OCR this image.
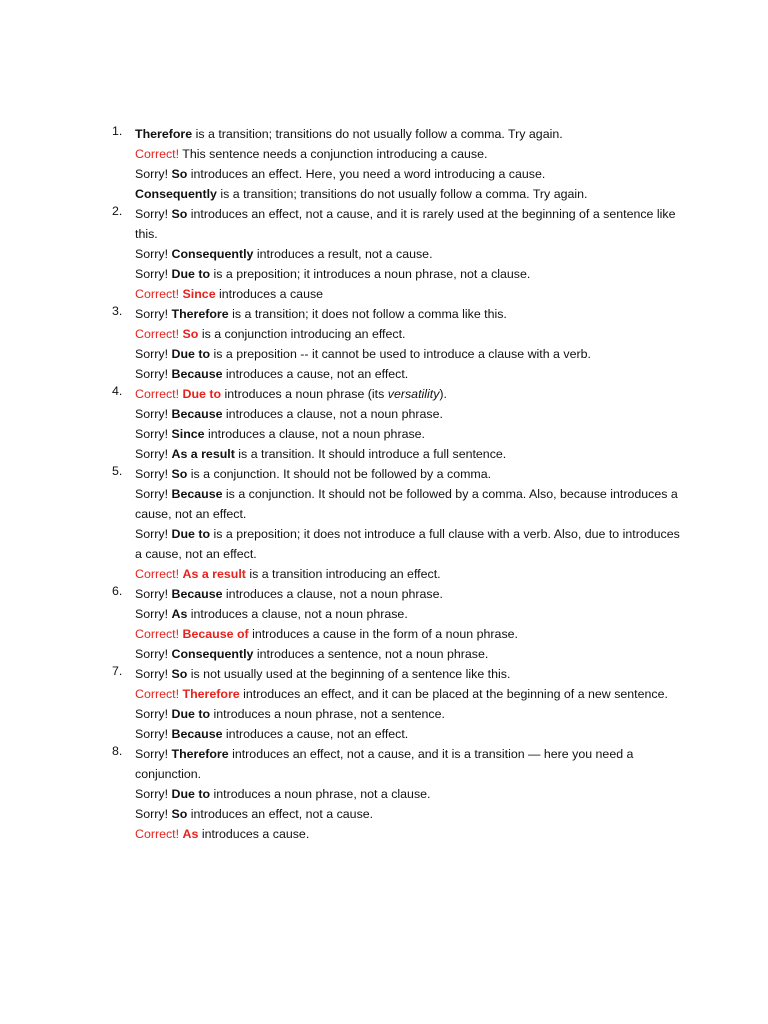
1.	Therefore is a transition; transitions do not usually follow a comma. Try again.
Correct! This sentence needs a conjunction introducing a cause.
Sorry! So introduces an effect. Here, you need a word introducing a cause.
Consequently is a transition; transitions do not usually follow a comma. Try again.
2.	Sorry! So introduces an effect, not a cause, and it is rarely used at the beginning of a sentence like this.
Sorry! Consequently introduces a result, not a cause.
Sorry! Due to is a preposition; it introduces a noun phrase, not a clause.
Correct! Since introduces a cause
3.	Sorry! Therefore is a transition; it does not follow a comma like this.
Correct! So is a conjunction introducing an effect.
Sorry! Due to is a preposition -- it cannot be used to introduce a clause with a verb.
Sorry! Because introduces a cause, not an effect.
4.	Correct! Due to introduces a noun phrase (its versatility).
Sorry! Because introduces a clause, not a noun phrase.
Sorry! Since introduces a clause, not a noun phrase.
Sorry! As a result is a transition. It should introduce a full sentence.
5.	Sorry! So is a conjunction. It should not be followed by a comma.
Sorry! Because is a conjunction. It should not be followed by a comma. Also, because introduces a cause, not an effect.
Sorry! Due to is a preposition; it does not introduce a full clause with a verb. Also, due to introduces a cause, not an effect.
Correct! As a result is a transition introducing an effect.
6.	Sorry! Because introduces a clause, not a noun phrase.
Sorry! As introduces a clause, not a noun phrase.
Correct! Because of introduces a cause in the form of a noun phrase.
Sorry! Consequently introduces a sentence, not a noun phrase.
7.	Sorry! So is not usually used at the beginning of a sentence like this.
Correct! Therefore introduces an effect, and it can be placed at the beginning of a new sentence.
Sorry! Due to introduces a noun phrase, not a sentence.
Sorry! Because introduces a cause, not an effect.
8.	Sorry! Therefore introduces an effect, not a cause, and it is a transition — here you need a conjunction.
Sorry! Due to introduces a noun phrase, not a clause.
Sorry! So introduces an effect, not a cause.
Correct! As introduces a cause.
